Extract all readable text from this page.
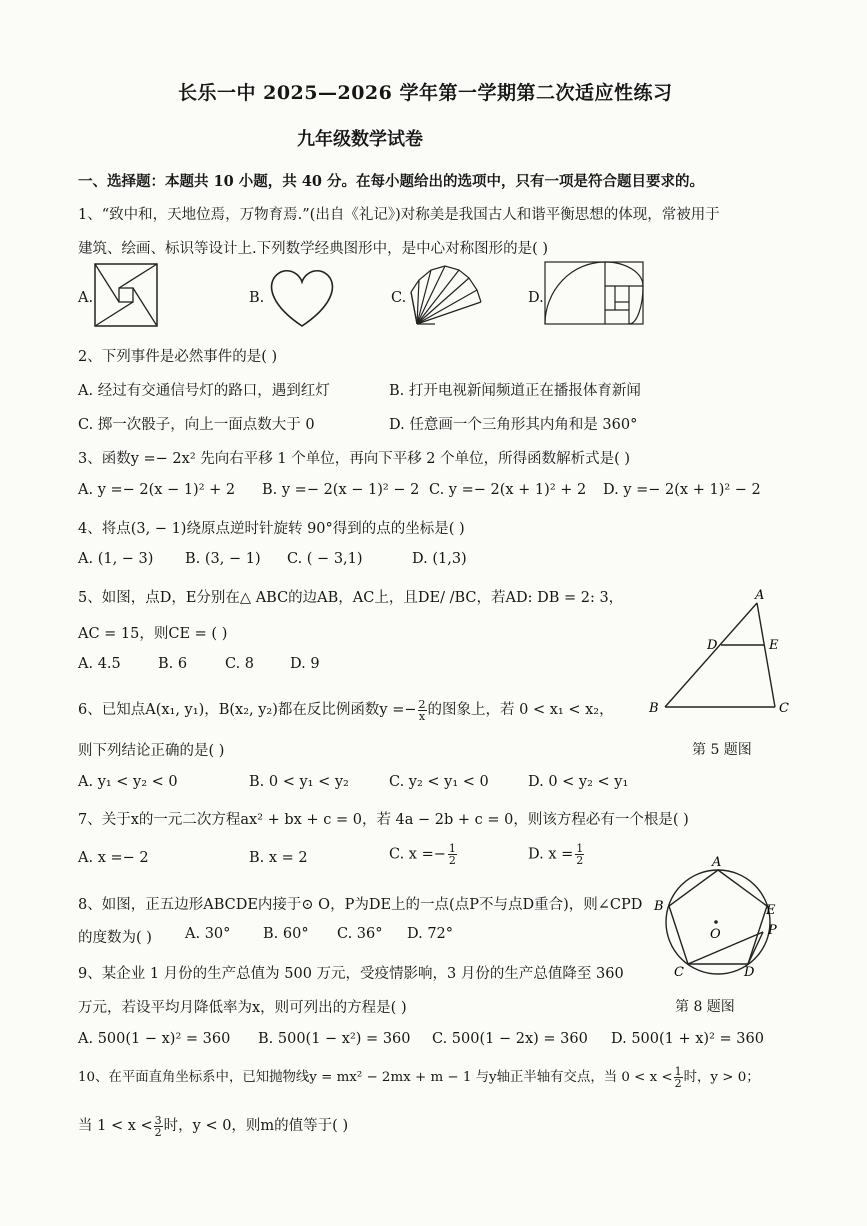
长乐一中 2025—2026 学年第一学期第二次适应性练习
九年级数学试卷
一、选择题：本题共 10 小题，共 40 分。在每小题给出的选项中，只有一项是符合题目要求的。
1、“致中和，天地位焉，万物育焉.”(出自《礼记》)对称美是我国古人和谐平衡思想的体现，常被用于
建筑、绘画、标识等设计上.下列数学经典图形中，是中心对称图形的是( )
A.	B.	C.	D.
2、下列事件是必然事件的是( )
A. 经过有交通信号灯的路口，遇到红灯	B. 打开电视新闻频道正在播报体育新闻
C. 掷一次骰子，向上一面点数大于 0	D. 任意画一个三角形其内角和是 360°
3、函数y =− 2x² 先向右平移 1 个单位，再向下平移 2 个单位，所得函数解析式是( )
A. y =− 2(x − 1)² + 2 B. y =− 2(x − 1)² − 2 C. y =− 2(x + 1)² + 2 D. y =− 2(x + 1)² − 2
4、将点(3, − 1)绕原点逆时针旋转 90°得到的点的坐标是( )
A. (1, − 3) B. (3, − 1) C. ( − 3,1)	D. (1,3)
5、如图，点D，E分别在△ ABC的边AB，AC上，且DE/ /BC，若AD: DB = 2: 3，
AC = 15，则CE = ( )
A. 4.5	B. 6	C. 8 D. 9
A
D	E
B	C
6、已知点A(x₁, y₁)，B(x₂, y₂)都在反比例函数$y =- \frac{2}{x}$ 的图象上，若 0 < x₁ < x₂，
则下列结论正确的是( )	第 5 题图
A. y₁ < y₂ < 0	B. 0 < y₁ < y₂	C. y₂ < y₁ < 0	D. 0 < y₂ < y₁
7、关于x的一元二次方程ax² + bx + c = 0，若 4a − 2b + c = 0，则该方程必有一个根是( )
A. x =− 2	B. x = 2	C. $x =- \frac{1}{2}$	D. $x = \frac{1}{2}$
8、如图，正五边形ABCDE内接于⊙ O，P为DE上的一点(点P不与点D重合)，则∠CPD
的度数为( ) A. 30° B. 60° C. 36° D. 72°
A
B	E
P
O
C	D
9、某企业 1 月份的生产总值为 500 万元，受疫情影响，3 月份的生产总值降至 360
万元，若设平均月降低率为x，则可列出的方程是( )	第 8 题图
A. 500(1 − x)² = 360 B. 500(1 − x²) = 360 C. 500(1 − 2x) = 360 D. 500(1 + x)² = 360
10、在平面直角坐标系中，已知抛物线y = mx² − 2mx + m − 1 与y轴正半轴有交点，当 $0 < x < \frac{1}{2}$ 时，y > 0；
当 $1 < x < \frac{3}{2}$ 时，y < 0，则m的值等于( )
